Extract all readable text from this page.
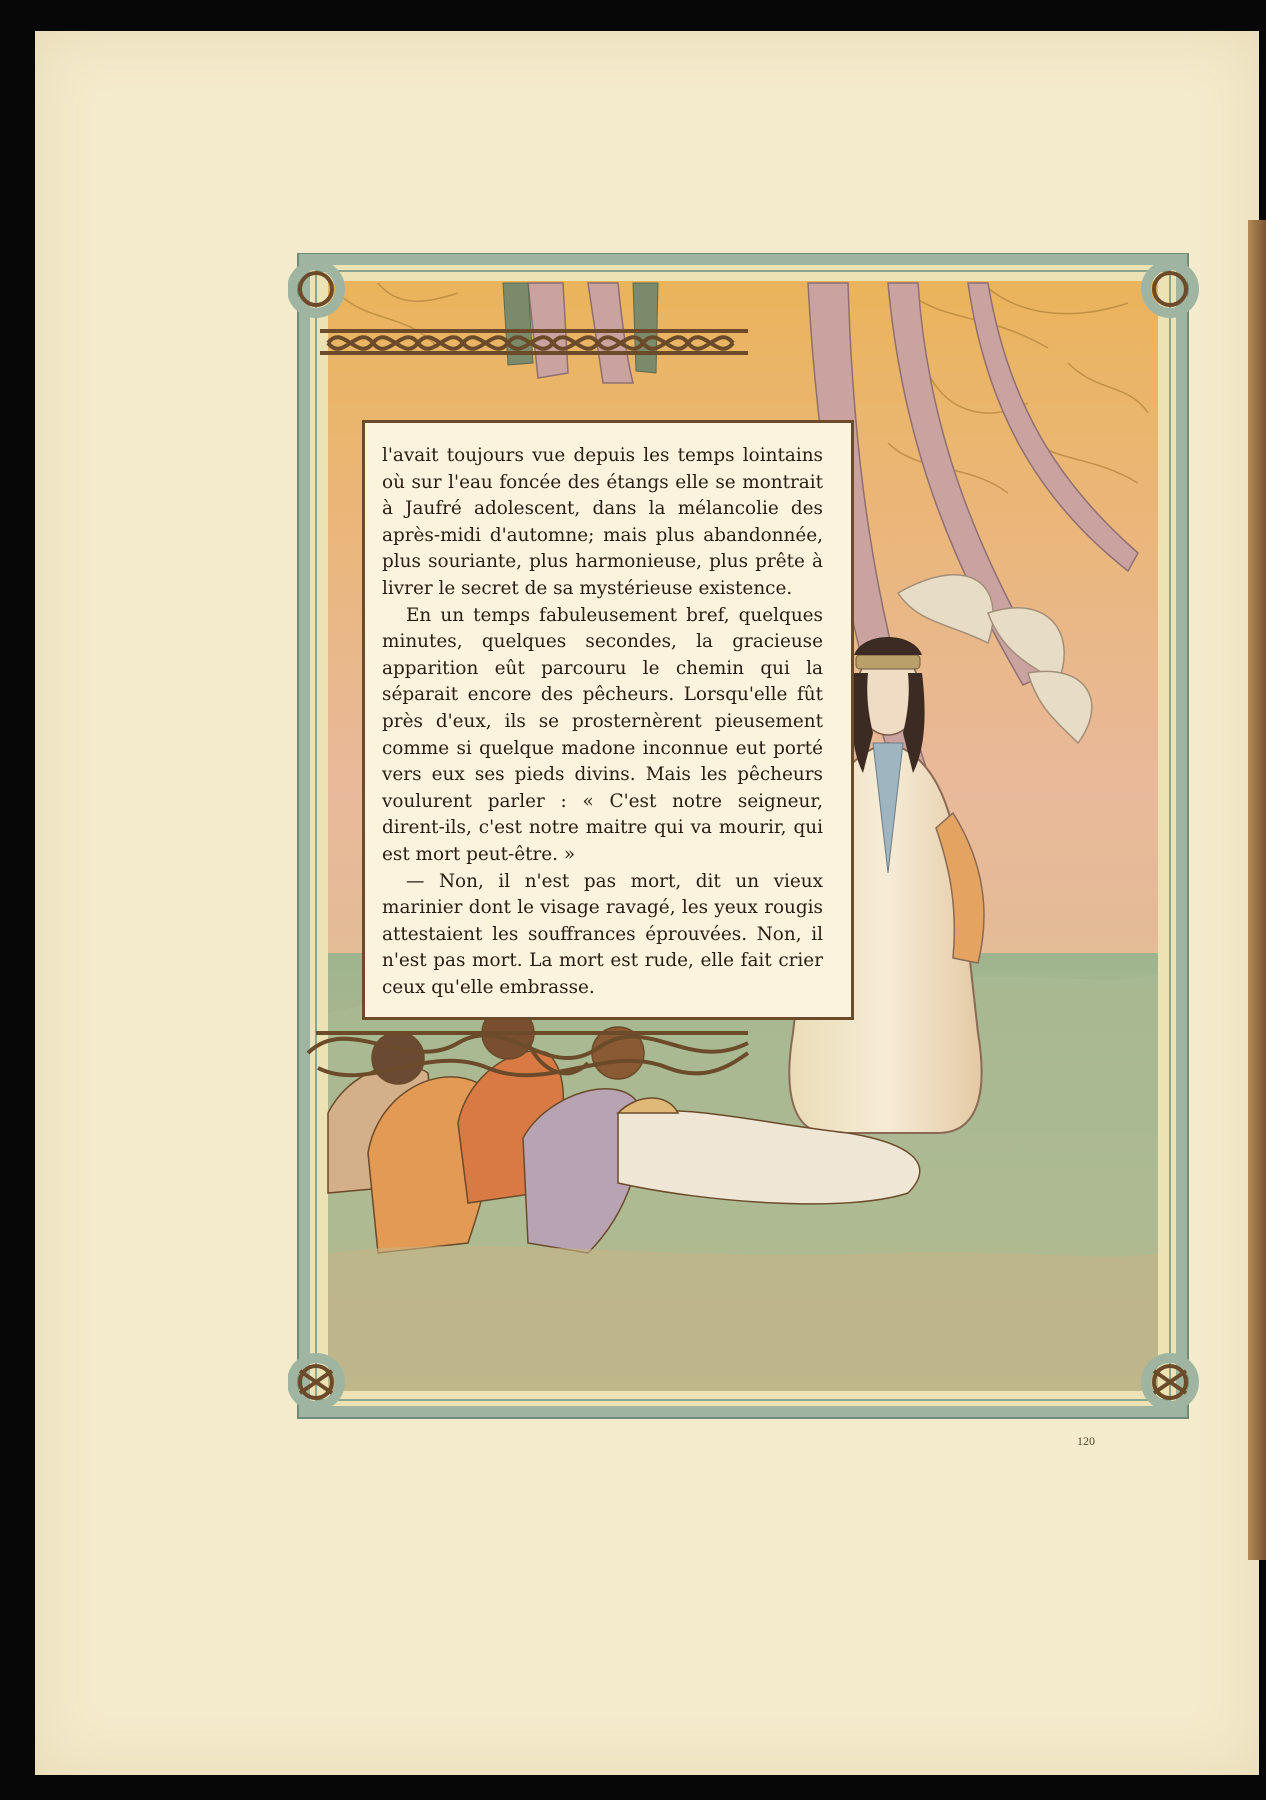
l'avait toujours vue depuis les temps lointains où sur l'eau foncée des étangs elle se montrait à Jaufré adolescent, dans la mélancolie des après-midi d'automne; mais plus abandonnée, plus souriante, plus harmonieuse, plus prête à livrer le secret de sa mystérieuse existence.

En un temps fabuleusement bref, quelques minutes, quelques secondes, la gracieuse apparition eût parcouru le chemin qui la séparait encore des pêcheurs. Lorsqu'elle fût près d'eux, ils se prosternèrent pieusement comme si quelque madone inconnue eut porté vers eux ses pieds divins. Mais les pêcheurs voulurent parler : « C'est notre seigneur, dirent-ils, c'est notre maitre qui va mourir, qui est mort peut-être. »

— Non, il n'est pas mort, dit un vieux marinier dont le visage ravagé, les yeux rougis attestaient les souffrances éprouvées. Non, il n'est pas mort. La mort est rude, elle fait crier ceux qu'elle embrasse.

120
